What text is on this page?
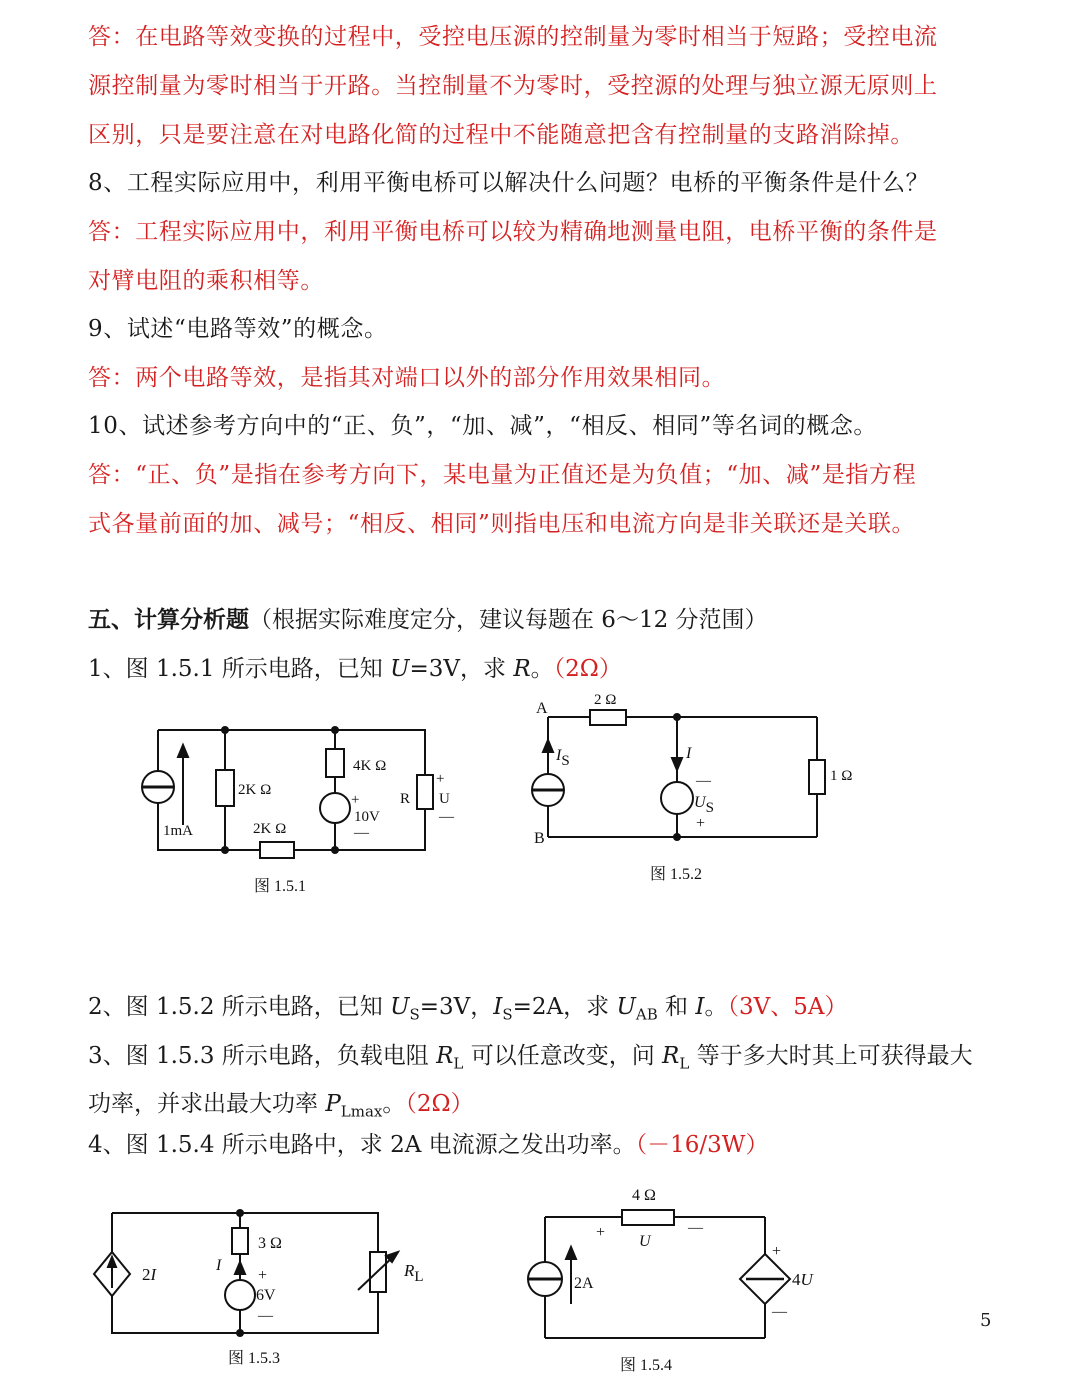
答：在电路等效变换的过程中，受控电压源的控制量为零时相当于短路；受控电流
源控制量为零时相当于开路。当控制量不为零时，受控源的处理与独立源无原则上
区别，只是要注意在对电路化简的过程中不能随意把含有控制量的支路消除掉。
8、工程实际应用中，利用平衡电桥可以解决什么问题？电桥的平衡条件是什么？
答：工程实际应用中，利用平衡电桥可以较为精确地测量电阻，电桥平衡的条件是
对臂电阻的乘积相等。
9、试述“电路等效”的概念。
答：两个电路等效，是指其对端口以外的部分作用效果相同。
10、试述参考方向中的“正、负”，“加、减”，“相反、相同”等名词的概念。
答：“正、负”是指在参考方向下，某电量为正值还是为负值；“加、减”是指方程
式各量前面的加、减号；“相反、相同”则指电压和电流方向是非关联还是关联。
五、计算分析题（根据实际难度定分，建议每题在 6～12 分范围）
1、图 1.5.1 所示电路，已知 U=3V，求 R。（2Ω）
2K Ω
4K Ω
2K Ω
1mA
+
10V
—
R
+
U
—
图 1.5.1
A
B
2 Ω
1 Ω
IS	I
—
US
+
图 1.5.2
2、图 1.5.2 所示电路，已知 $U_S=3V$，$I_S=2A$，求 $U_{AB}$ 和 I。（3V、5A）
3、图 1.5.3 所示电路，负载电阻 $R_L$ 可以任意改变，问 $R_L$ 等于多大时其上可获得最大
功率，并求出最大功率 $P_{Lmax}$。（2Ω）
4、图 1.5.4 所示电路中，求 2A 电流源之发出功率。（－16/3W）
2I
3 Ω
I
+
6V
—
RL
图 1.5.3
4 Ω
+
U
—
2A
+
4U
—
图 1.5.4
5
